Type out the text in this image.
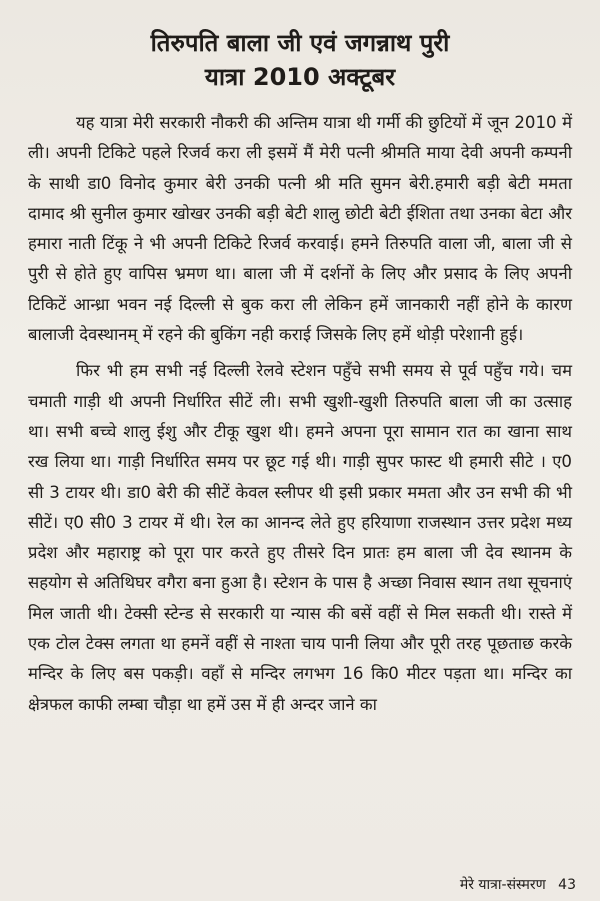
तिरुपति बाला जी एवं जगन्नाथ पुरी
यात्रा 2010 अक्टूबर

यह यात्रा मेरी सरकारी नौकरी की अन्तिम यात्रा थी गर्मी की छुटियों में जून 2010 में ली। अपनी टिकिटे पहले रिजर्व करा ली इसमें मैं मेरी पत्नी श्रीमति माया देवी अपनी कम्पनी के साथी डा0 विनोद कुमार बेरी उनकी पत्नी श्री मति सुमन बेरी.हमारी बड़ी बेटी ममता दामाद श्री सुनील कुमार खोखर उनकी बड़ी बेटी शालु छोटी बेटी ईशिता तथा उनका बेटा और हमारा नाती टिंकू ने भी अपनी टिकिटे रिजर्व करवाई। हमने तिरुपति वाला जी, बाला जी से पुरी से होते हुए वापिस भ्रमण था। बाला जी में दर्शनों के लिए और प्रसाद के लिए अपनी टिकिटें आन्ध्रा भवन नई दिल्ली से बुक करा ली लेकिन हमें जानकारी नहीं होने के कारण बालाजी देवस्थानम् में रहने की बुकिंग नही कराई जिसके लिए हमें थोड़ी परेशानी हुई।

फिर भी हम सभी नई दिल्ली रेलवे स्टेशन पहुँचे सभी समय से पूर्व पहुँच गये। चम चमाती गाड़ी थी अपनी निर्धारित सीटें ली। सभी खुशी-खुशी तिरुपति बाला जी का उत्साह था। सभी बच्चे शालु ईशु और टीकू खुश थी। हमने अपना पूरा सामान रात का खाना साथ रख लिया था। गाड़ी निर्धारित समय पर छूट गई थी। गाड़ी सुपर फास्ट थी हमारी सीटे । ए0 सी 3 टायर थी। डा0 बेरी की सीटें केवल स्लीपर थी इसी प्रकार ममता और उन सभी की भी सीटें। ए0 सी0 3 टायर में थी। रेल का आनन्द लेते हुए हरियाणा राजस्थान उत्तर प्रदेश मध्य प्रदेश और महाराष्ट्र को पूरा पार करते हुए तीसरे दिन प्रातः हम बाला जी देव स्थानम के सहयोग से अतिथिघर वगैरा बना हुआ है। स्टेशन के पास है अच्छा निवास स्थान तथा सूचनाएं मिल जाती थी। टेक्सी स्टेन्ड से सरकारी या न्यास की बसें वहीं से मिल सकती थी। रास्ते में एक टोल टेक्स लगता था हमनें वहीं से नाश्ता चाय पानी लिया और पूरी तरह पूछताछ करके मन्दिर के लिए बस पकड़ी। वहाँ से मन्दिर लगभग 16 कि0 मीटर पड़ता था। मन्दिर का क्षेत्रफल काफी लम्बा चौड़ा था हमें उस में ही अन्दर जाने का

मेरे यात्रा-संस्मरण 43
